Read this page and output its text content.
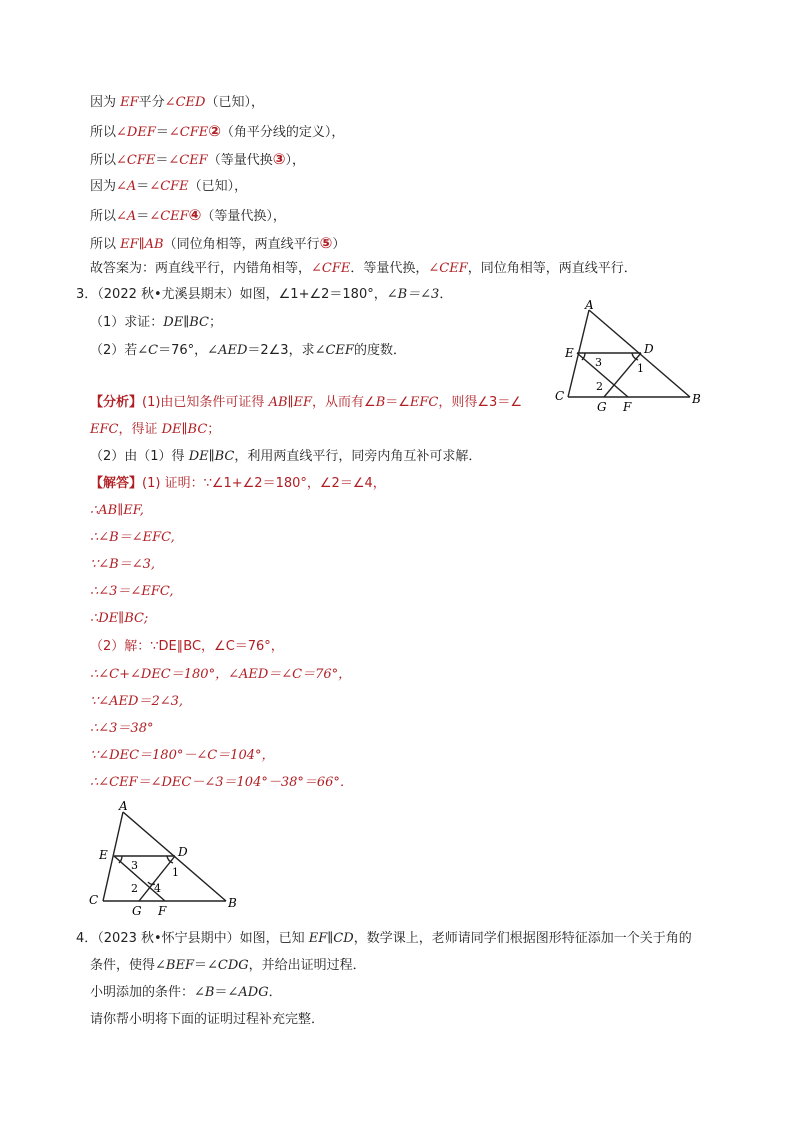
因为 EF平分∠CED（已知），
所以∠DEF＝∠CFE②（角平分线的定义），
所以∠CFE＝∠CEF（等量代换③），
因为∠A＝∠CFE（已知），
所以∠A＝∠CEF④（等量代换），
所以 EF∥AB（同位角相等，两直线平行⑤）
故答案为：两直线平行，内错角相等，∠CFE．等量代换，∠CEF，同位角相等，两直线平行．
3．（2022 秋•尤溪县期末）如图，∠1+∠2＝180°，∠B＝∠3．
（1）求证：DE∥BC；
（2）若∠C＝76°，∠AED＝2∠3，求∠CEF的度数．
【分析】(1)由已知条件可证得 AB∥EF，从而有∠B＝∠EFC，则得∠3＝∠
EFC，得证 DE∥BC；
（2）由（1）得 DE∥BC，利用两直线平行，同旁内角互补可求解．
【解答】(1) 证明：∵∠1+∠2＝180°，∠2＝∠4，
∴AB∥EF,
∴∠B＝∠EFC,
∵∠B＝∠3,
∴∠3＝∠EFC,
∴DE∥BC;
（2）解：∵DE∥BC，∠C＝76°，
∴∠C+∠DEC＝180°，∠AED＝∠C＝76°，
∵∠AED＝2∠3,
∴∠3＝38°
∵∠DEC＝180°－∠C＝104°，
∴∠CEF＝∠DEC－∠3＝104°－38°＝66°．
A
E	D
C	B
G F
3	1
2
A
E	D
C	B
G F
3
1
2 4
4．（2023 秋•怀宁县期中）如图，已知 EF∥CD，数学课上，老师请同学们根据图形特征添加一个关于角的
条件，使得∠BEF＝∠CDG，并给出证明过程．
小明添加的条件：∠B＝∠ADG．
请你帮小明将下面的证明过程补充完整．
